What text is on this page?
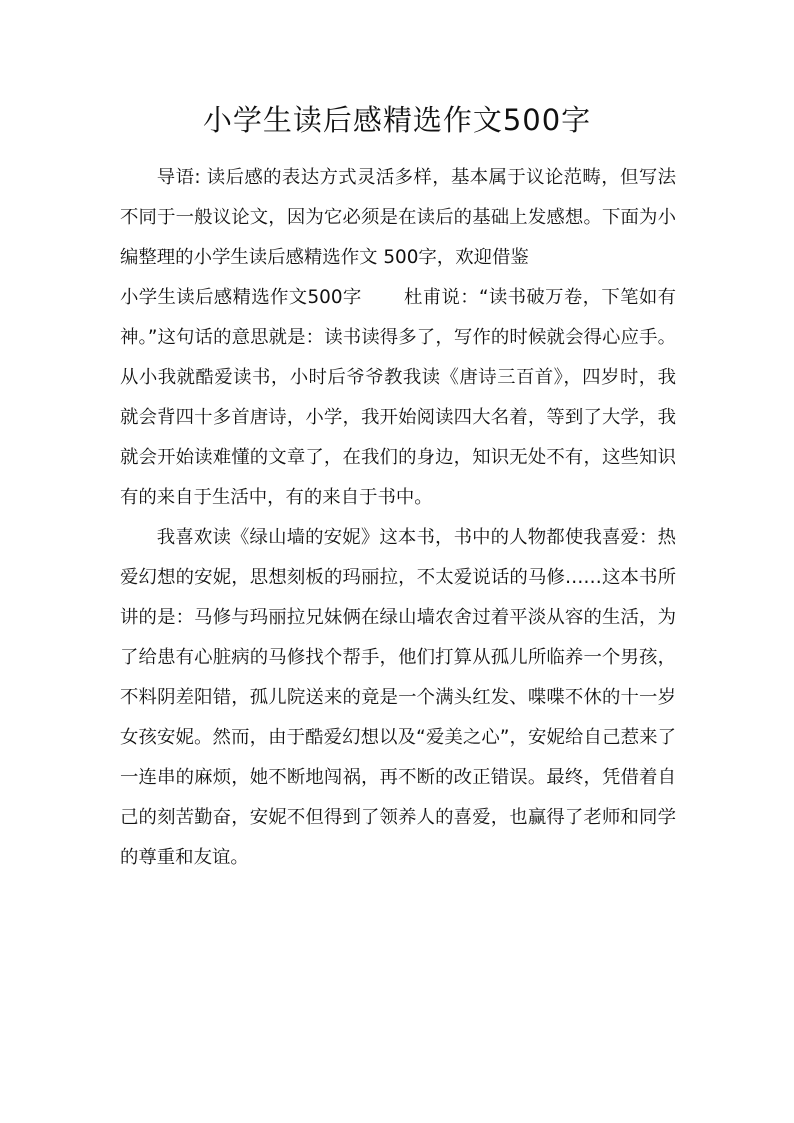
小学生读后感精选作文500字

导语: 读后感的表达方式灵活多样，基本属于议论范畴，但写法不同于一般议论文，因为它必须是在读后的基础上发感想。下面为小编整理的小学生读后感精选作文 500字，欢迎借鉴

小学生读后感精选作文500字 杜甫说：“读书破万卷，下笔如有神。”这句话的意思就是：读书读得多了，写作的时候就会得心应手。从小我就酷爱读书，小时后爷爷教我读《唐诗三百首》，四岁时，我就会背四十多首唐诗，小学，我开始阅读四大名着，等到了大学，我就会开始读难懂的文章了，在我们的身边，知识无处不有，这些知识有的来自于生活中，有的来自于书中。

我喜欢读《绿山墙的安妮》这本书，书中的人物都使我喜爱：热爱幻想的安妮，思想刻板的玛丽拉，不太爱说话的马修……这本书所讲的是：马修与玛丽拉兄妹俩在绿山墙农舍过着平淡从容的生活，为了给患有心脏病的马修找个帮手，他们打算从孤儿所临养一个男孩，不料阴差阳错，孤儿院送来的竟是一个满头红发、喋喋不休的十一岁女孩安妮。然而，由于酷爱幻想以及“爱美之心”，安妮给自己惹来了一连串的麻烦，她不断地闯祸，再不断的改正错误。最终，凭借着自己的刻苦勤奋，安妮不但得到了领养人的喜爱，也赢得了老师和同学的尊重和友谊。
